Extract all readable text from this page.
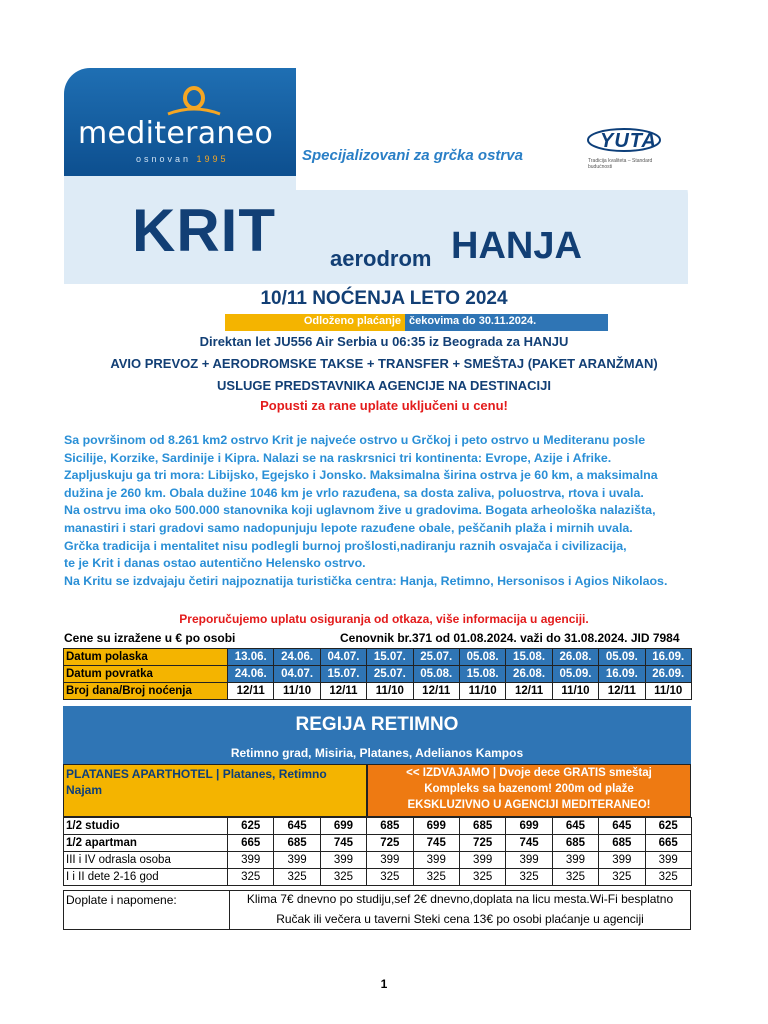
mediteraneo
osnovan 1995	Specijalizovani za grčka ostrva
YUTA
Tradicija kvaliteta – Standard budućnosti
KRIT aerodrom HANJA
10/11 NOĆENJA LETO 2024
Odloženo plaćanje čekovima do 30.11.2024.
Direktan let JU556 Air Serbia u 06:35 iz Beograda za HANJU
AVIO PREVOZ + AERODROMSKE TAKSE + TRANSFER + SMEŠTAJ (PAKET ARANŽMAN)
USLUGE PREDSTAVNIKA AGENCIJE NA DESTINACIJI
Popusti za rane uplate uključeni u cenu!
Sa površinom od 8.261 km2 ostrvo Krit je najveće ostrvo u Grčkoj i peto ostrvo u Mediteranu posle
Sicilije, Korzike, Sardinije i Kipra. Nalazi se na raskrsnici tri kontinenta: Evrope, Azije i Afrike.
Zapljuskuju ga tri mora: Libijsko, Egejsko i Jonsko. Maksimalna širina ostrva je 60 km, a maksimalna
dužina je 260 km. Obala dužine 1046 km je vrlo razuđena, sa dosta zaliva, poluostrva, rtova i uvala.
Na ostrvu ima oko 500.000 stanovnika koji uglavnom žive u gradovima. Bogata arheološka nalazišta,
manastiri i stari gradovi samo nadopunjuju lepote razuđene obale, peščanih plaža i mirnih uvala.
Grčka tradicija i mentalitet nisu podlegli burnoj prošlosti,nadiranju raznih osvajača i civilizacija,
te je Krit i danas ostao autentično Helensko ostrvo.
Na Kritu se izdvajaju četiri najpoznatija turistička centra: Hanja, Retimno, Hersonisos i Agios Nikolaos.
Preporučujemo uplatu osiguranja od otkaza, više informacija u agenciji.
Cene su izražene u € po osobi	Cenovnik br.371 od 01.08.2024. važi do 31.08.2024. JID 7984
Datum polaska	13.06.	24.06.	04.07.	15.07.	25.07.	05.08.	15.08.	26.08.	05.09.	16.09.
Datum povratka	24.06.	04.07.	15.07.	25.07.	05.08.	15.08.	26.08.	05.09.	16.09.	26.09.
Broj dana/Broj noćenja	12/11	11/10	12/11	11/10	12/11	11/10	12/11	11/10	12/11	11/10
REGIJA RETIMNO
Retimno grad, Misiria, Platanes, Adelianos Kampos
PLATANES APARTHOTEL | Platanes, Retimno
Najam
<< IZDVAJAMO | Dvoje dece GRATIS smeštaj
Kompleks sa bazenom! 200m od plaže
EKSKLUZIVNO U AGENCIJI MEDITERANEO!
1/2 studio	625	645	699	685	699	685	699	645	645	625
1/2 apartman	665	685	745	725	745	725	745	685	685	665
III i IV odrasla osoba	399	399	399	399	399	399	399	399	399	399
I i II dete 2-16 god	325	325	325	325	325	325	325	325	325	325
Doplate i napomene:	Klima 7€ dnevno po studiju,sef 2€ dnevno,doplata na licu mesta.Wi-Fi besplatno
Ručak ili večera u taverni Steki cena 13€ po osobi plaćanje u agenciji
1
